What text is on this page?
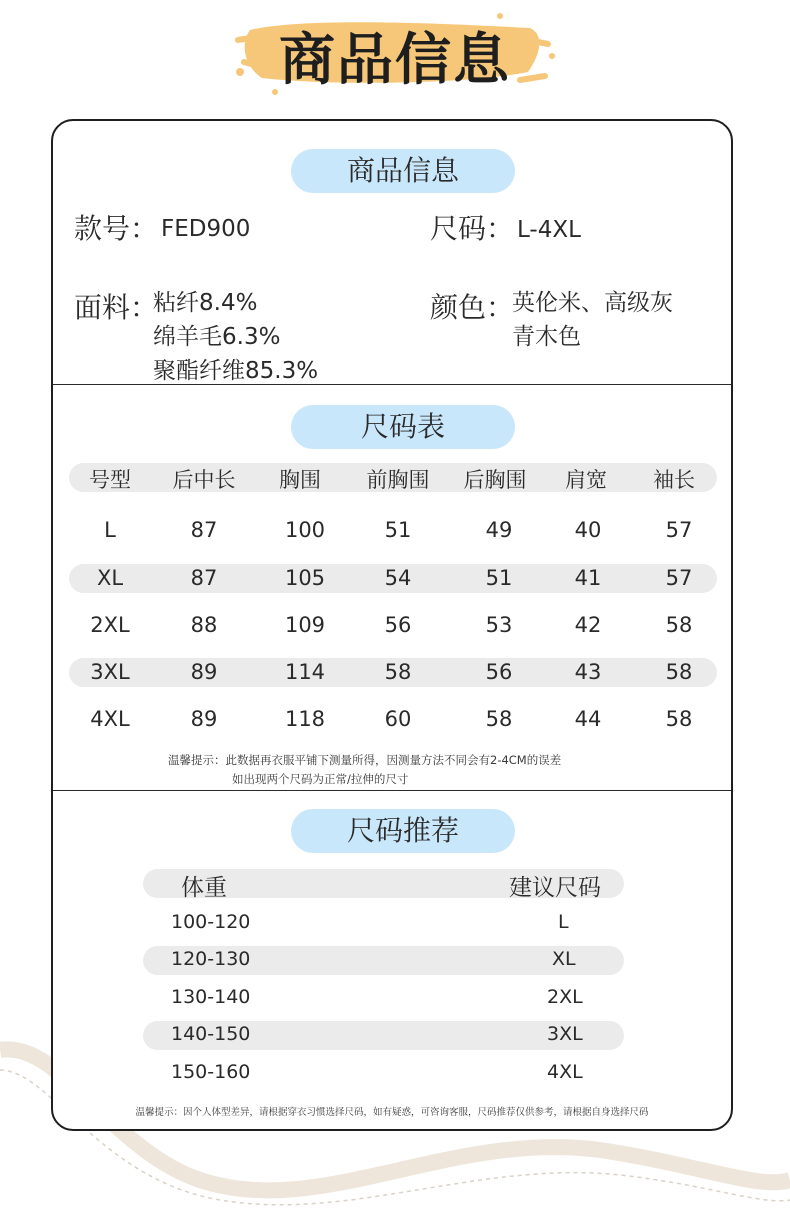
商品信息
商品信息
款号： FED900	尺码： L-4XL
面料：
粘纤8.4%
绵羊毛6.3%
聚酯纤维85.3%
颜色：
英伦米、高级灰
青木色
尺码表
号型	后中长	胸围	前胸围	后胸围	肩宽	袖长
L	87	100	51	49	40	57
XL	87	105	54	51	41	57
2XL	88	109	56	53	42	58
3XL	89	114	58	56	43	58
4XL	89	118	60	58	44	58
温馨提示：此数据再衣服平铺下测量所得，因测量方法不同会有2-4CM的误差
如出现两个尺码为正常/拉伸的尺寸
尺码推荐
体重	建议尺码
100-120	L
120-130	XL
130-140	2XL
140-150	3XL
150-160	4XL
温馨提示：因个人体型差异，请根据穿衣习惯选择尺码，如有疑惑，可咨询客服，尺码推荐仅供参考，请根据自身选择尺码
